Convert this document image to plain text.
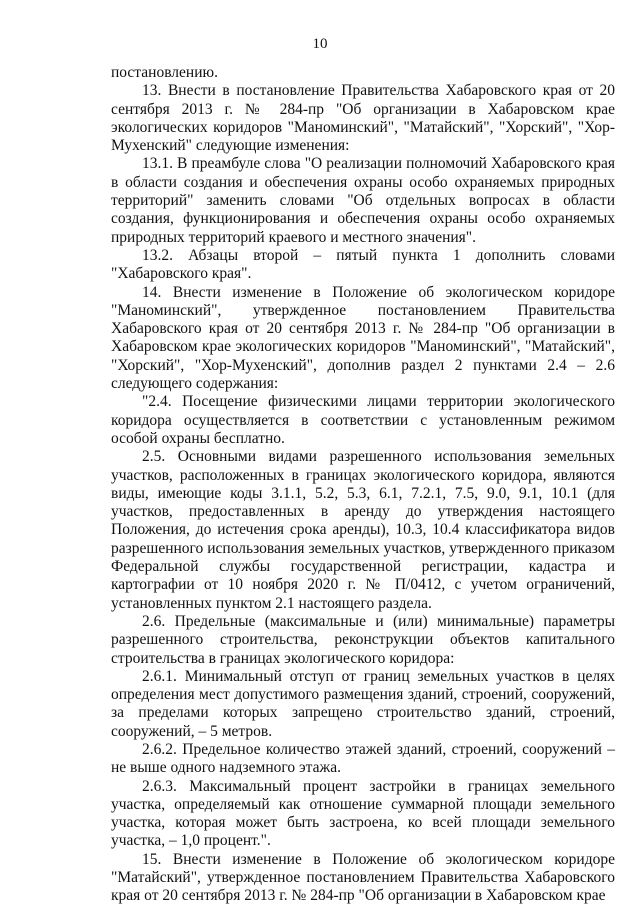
10

постановлению.

13. Внести в постановление Правительства Хабаровского края от 20 сентября 2013 г. № 284-пр "Об организации в Хабаровском крае экологических коридоров "Маноминский", "Матайский", "Хорский", "Хор-Мухенский" следующие изменения:

13.1. В преамбуле слова "О реализации полномочий Хабаровского края в области создания и обеспечения охраны особо охраняемых природных территорий" заменить словами "Об отдельных вопросах в области создания, функционирования и обеспечения охраны особо охраняемых природных территорий краевого и местного значения".

13.2. Абзацы второй – пятый пункта 1 дополнить словами "Хабаровского края".

14. Внести изменение в Положение об экологическом коридоре "Маноминский", утвержденное постановлением Правительства Хабаровского края от 20 сентября 2013 г. № 284-пр "Об организации в Хабаровском крае экологических коридоров "Маноминский", "Матайский", "Хорский", "Хор-Мухенский", дополнив раздел 2 пунктами 2.4 – 2.6 следующего содержания:

"2.4. Посещение физическими лицами территории экологического коридора осуществляется в соответствии с установленным режимом особой охраны бесплатно.

2.5. Основными видами разрешенного использования земельных участков, расположенных в границах экологического коридора, являются виды, имеющие коды 3.1.1, 5.2, 5.3, 6.1, 7.2.1, 7.5, 9.0, 9.1, 10.1 (для участков, предоставленных в аренду до утверждения настоящего Положения, до истечения срока аренды), 10.3, 10.4 классификатора видов разрешенного использования земельных участков, утвержденного приказом Федеральной службы государственной регистрации, кадастра и картографии от 10 ноября 2020 г. № П/0412, с учетом ограничений, установленных пунктом 2.1 настоящего раздела.

2.6. Предельные (максимальные и (или) минимальные) параметры разрешенного строительства, реконструкции объектов капитального строительства в границах экологического коридора:

2.6.1. Минимальный отступ от границ земельных участков в целях определения мест допустимого размещения зданий, строений, сооружений, за пределами которых запрещено строительство зданий, строений, сооружений, – 5 метров.

2.6.2. Предельное количество этажей зданий, строений, сооружений – не выше одного надземного этажа.

2.6.3. Максимальный процент застройки в границах земельного участка, определяемый как отношение суммарной площади земельного участка, которая может быть застроена, ко всей площади земельного участка, – 1,0 процент.".

15. Внести изменение в Положение об экологическом коридоре "Матайский", утвержденное постановлением Правительства Хабаровского края от 20 сентября 2013 г. № 284-пр "Об организации в Хабаровском крае
